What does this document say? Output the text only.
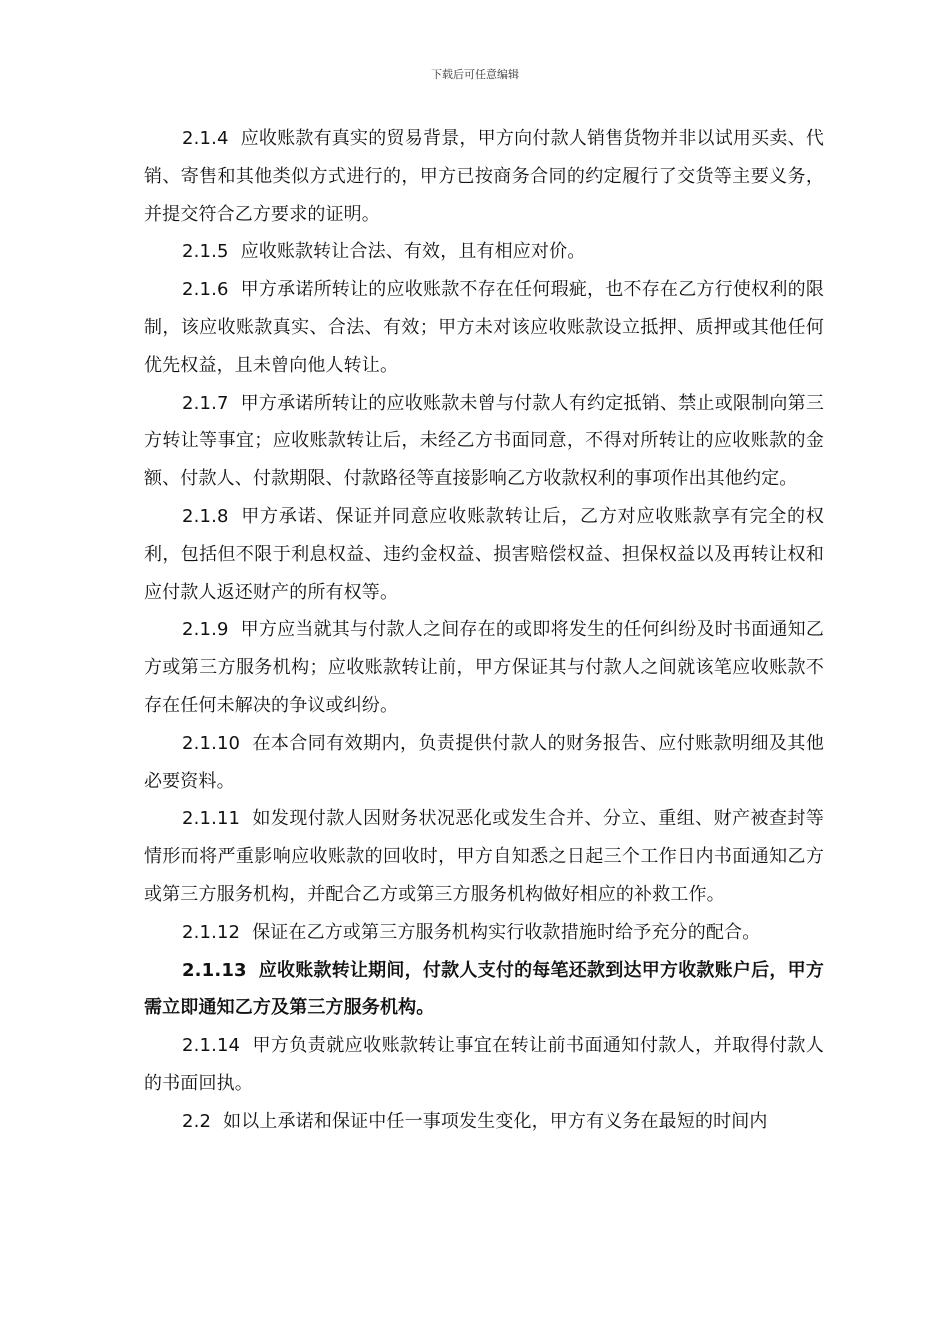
下载后可任意编辑

2.1.4 应收账款有真实的贸易背景，甲方向付款人销售货物并非以试用买卖、代销、寄售和其他类似方式进行的，甲方已按商务合同的约定履行了交货等主要义务，并提交符合乙方要求的证明。

2.1.5 应收账款转让合法、有效，且有相应对价。

2.1.6 甲方承诺所转让的应收账款不存在任何瑕疵，也不存在乙方行使权利的限制，该应收账款真实、合法、有效；甲方未对该应收账款设立抵押、质押或其他任何优先权益，且未曾向他人转让。

2.1.7 甲方承诺所转让的应收账款未曾与付款人有约定抵销、禁止或限制向第三方转让等事宜；应收账款转让后，未经乙方书面同意，不得对所转让的应收账款的金额、付款人、付款期限、付款路径等直接影响乙方收款权利的事项作出其他约定。

2.1.8 甲方承诺、保证并同意应收账款转让后，乙方对应收账款享有完全的权利，包括但不限于利息权益、违约金权益、损害赔偿权益、担保权益以及再转让权和应付款人返还财产的所有权等。

2.1.9 甲方应当就其与付款人之间存在的或即将发生的任何纠纷及时书面通知乙方或第三方服务机构；应收账款转让前，甲方保证其与付款人之间就该笔应收账款不存在任何未解决的争议或纠纷。

2.1.10 在本合同有效期内，负责提供付款人的财务报告、应付账款明细及其他必要资料。

2.1.11 如发现付款人因财务状况恶化或发生合并、分立、重组、财产被查封等情形而将严重影响应收账款的回收时，甲方自知悉之日起三个工作日内书面通知乙方或第三方服务机构，并配合乙方或第三方服务机构做好相应的补救工作。

2.1.12 保证在乙方或第三方服务机构实行收款措施时给予充分的配合。

2.1.13 应收账款转让期间，付款人支付的每笔还款到达甲方收款账户后，甲方需立即通知乙方及第三方服务机构。

2.1.14 甲方负责就应收账款转让事宜在转让前书面通知付款人，并取得付款人的书面回执。

2.2 如以上承诺和保证中任一事项发生变化，甲方有义务在最短的时间内
